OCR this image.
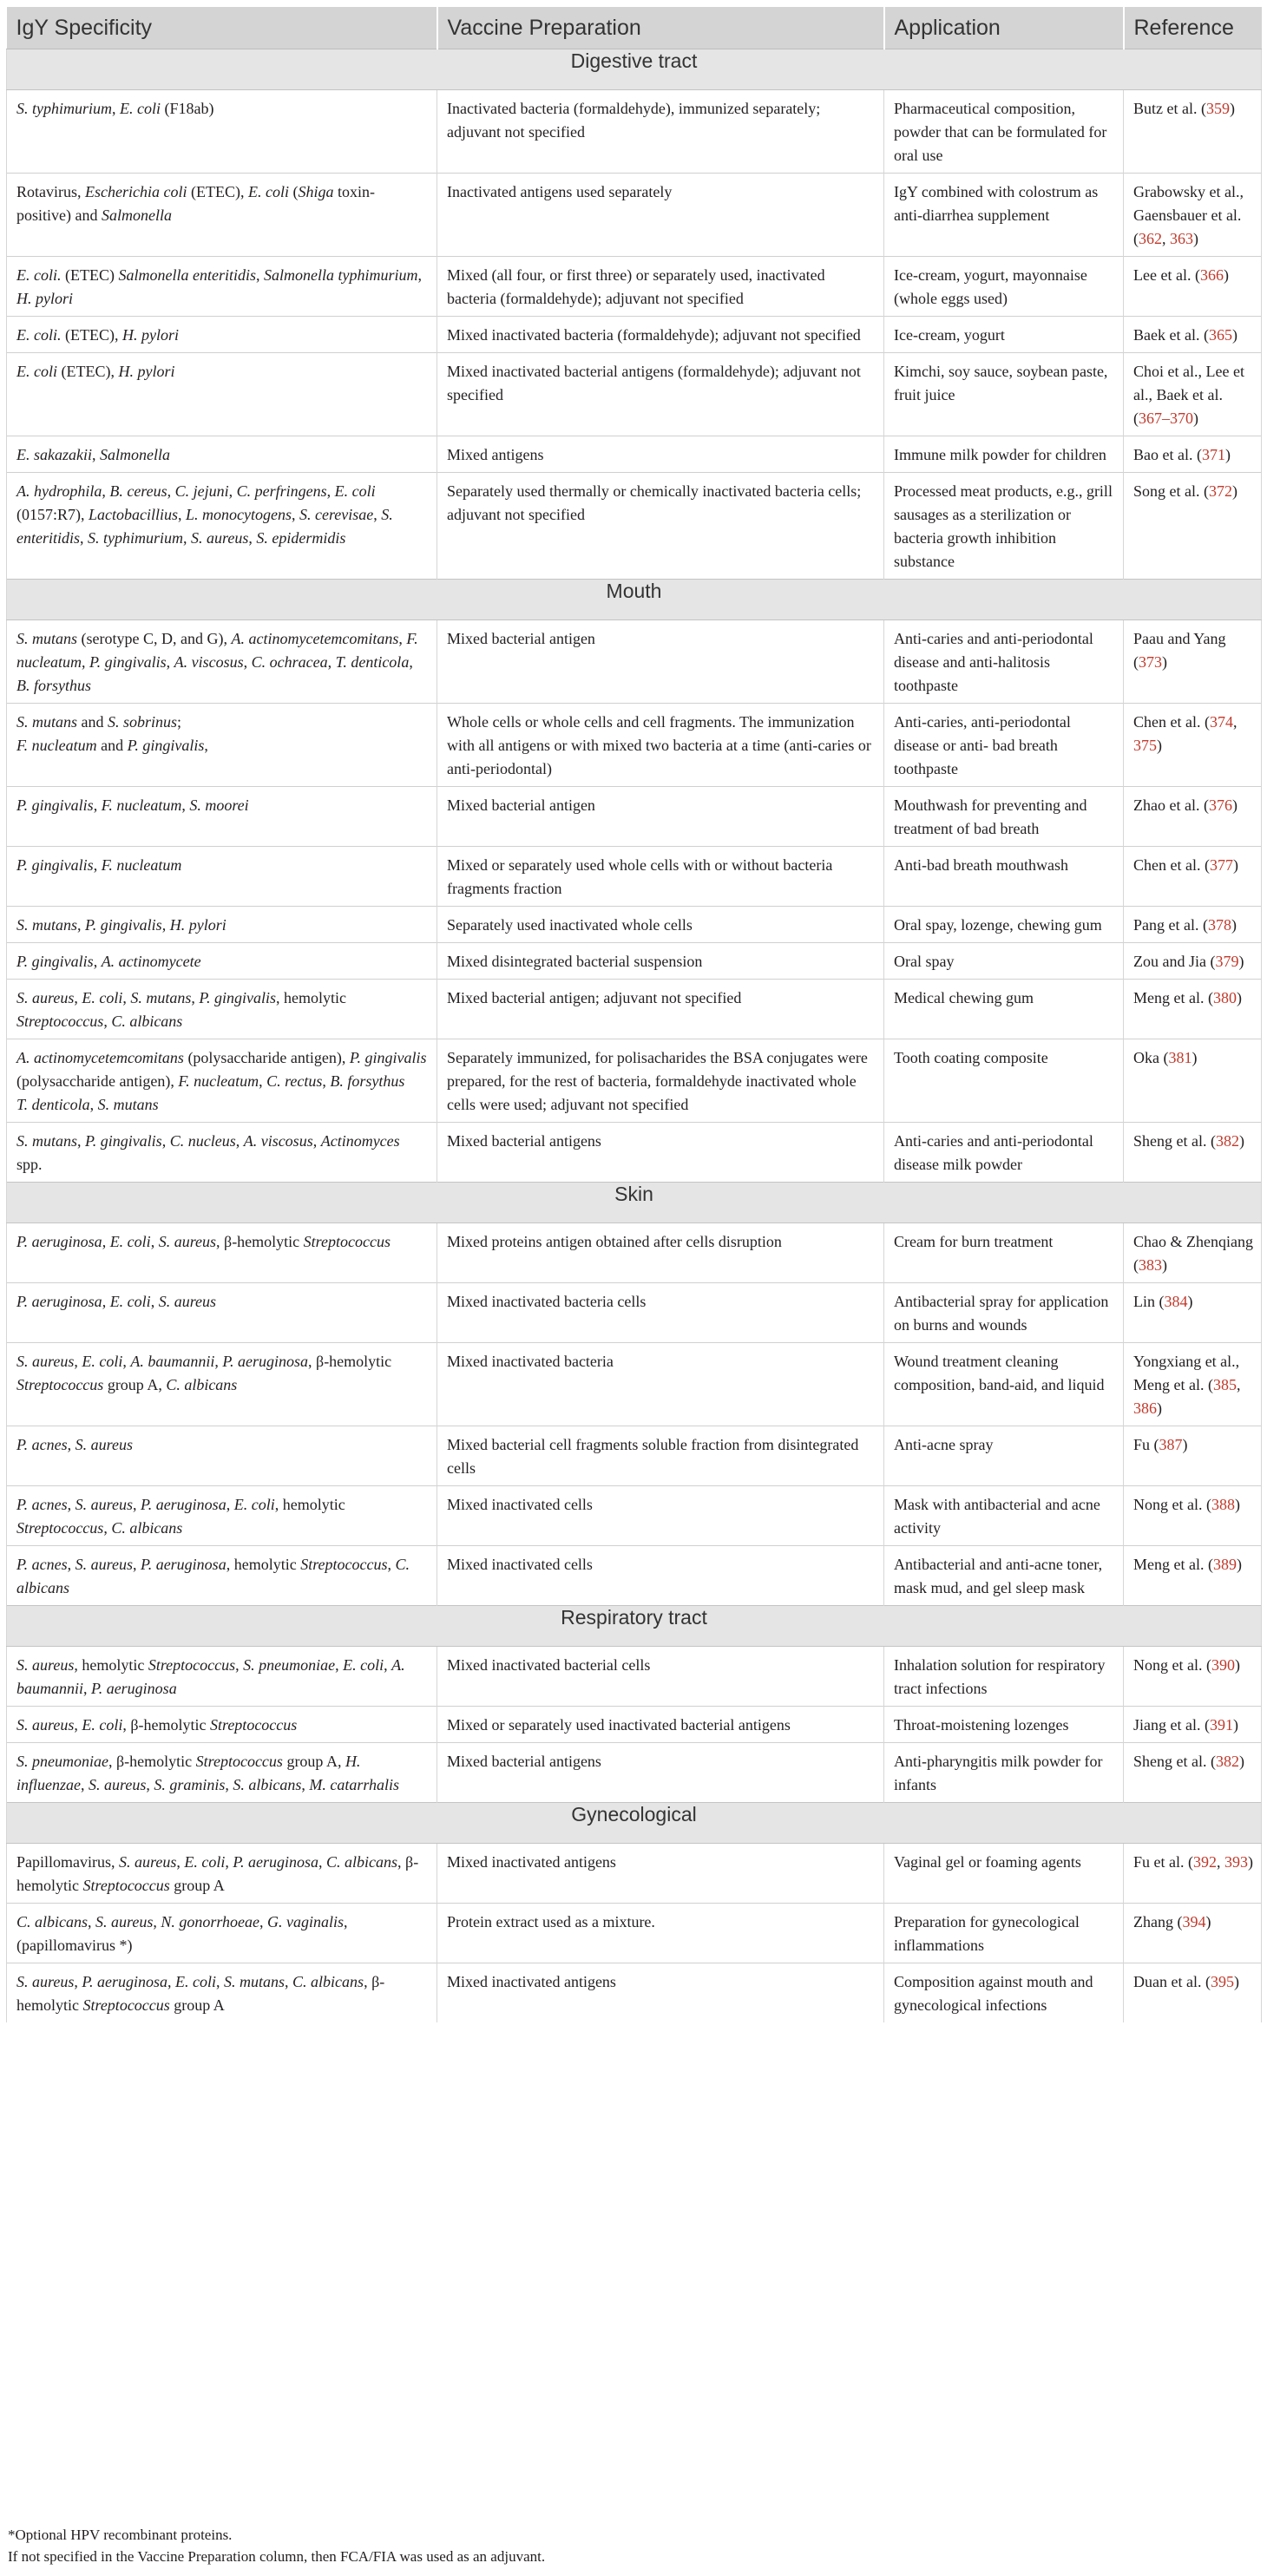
IgY Specificity	Vaccine Preparation	Application	Reference
Digestive tract			
S. typhimurium, E. coli (F18ab)	Inactivated bacteria (formaldehyde), immunized separately; adjuvant not specified	Pharmaceutical composition, powder that can be formulated for oral use	Butz et al. (359)
Rotavirus, Escherichia coli (ETEC), E. coli (Shiga toxin-positive) and Salmonella	Inactivated antigens used separately	IgY combined with colostrum as anti-diarrhea supplement	Grabowsky et al., Gaensbauer et al. (362, 363)
E. coli. (ETEC) Salmonella enteritidis, Salmonella typhimurium,
H. pylori	Mixed (all four, or first three) or separately used, inactivated bacteria (formaldehyde); adjuvant not specified	Ice-cream, yogurt, mayonnaise (whole eggs used)	Lee et al. (366)
E. coli. (ETEC), H. pylori	Mixed inactivated bacteria (formaldehyde); adjuvant not specified	Ice-cream, yogurt	Baek et al. (365)
E. coli (ETEC), H. pylori	Mixed inactivated bacterial antigens (formaldehyde); adjuvant not specified	Kimchi, soy sauce, soybean paste, fruit juice	Choi et al., Lee et al., Baek et al. (367–370)
E. sakazakii, Salmonella	Mixed antigens	Immune milk powder for children	Bao et al. (371)
A. hydrophila, B. cereus, C. jejuni, C. perfringens, E. coli (0157:R7), Lactobacillius, L. monocytogens, S. cerevisae, S. enteritidis, S. typhimurium, S. aureus, S. epidermidis	Separately used thermally or chemically inactivated bacteria cells; adjuvant not specified	Processed meat products, e.g., grill sausages as a sterilization or bacteria growth inhibition substance	Song et al. (372)
Mouth			
S. mutans (serotype C, D, and G), A. actinomycetemcomitans, F. nucleatum, P. gingivalis, A. viscosus, C. ochracea, T. denticola, B. forsythus	Mixed bacterial antigen	Anti-caries and anti-periodontal disease and anti-halitosis toothpaste	Paau and Yang (373)
S. mutans and S. sobrinus;
F. nucleatum and P. gingivalis,	Whole cells or whole cells and cell fragments. The immunization with all antigens or with mixed two bacteria at a time (anti-caries or anti-periodontal)	Anti-caries, anti-periodontal disease or anti- bad breath toothpaste	Chen et al. (374, 375)
P. gingivalis, F. nucleatum, S. moorei	Mixed bacterial antigen	Mouthwash for preventing and treatment of bad breath	Zhao et al. (376)
P. gingivalis, F. nucleatum	Mixed or separately used whole cells with or without bacteria fragments fraction	Anti-bad breath mouthwash	Chen et al. (377)
S. mutans, P. gingivalis, H. pylori	Separately used inactivated whole cells	Oral spay, lozenge, chewing gum	Pang et al. (378)
P. gingivalis, A. actinomycete	Mixed disintegrated bacterial suspension	Oral spay	Zou and Jia (379)
S. aureus, E. coli, S. mutans, P. gingivalis, hemolytic Streptococcus, C. albicans	Mixed bacterial antigen; adjuvant not specified	Medical chewing gum	Meng et al. (380)
A. actinomycetemcomitans (polysaccharide antigen), P. gingivalis (polysaccharide antigen), F. nucleatum, C. rectus, B. forsythus
T. denticola, S. mutans	Separately immunized, for polisacharides the BSA conjugates were prepared, for the rest of bacteria, formaldehyde inactivated whole cells were used; adjuvant not specified	Tooth coating composite	Oka (381)
S. mutans, P. gingivalis, C. nucleus, A. viscosus, Actinomyces spp.	Mixed bacterial antigens	Anti-caries and anti-periodontal disease milk powder	Sheng et al. (382)
Skin			
P. aeruginosa, E. coli, S. aureus, β-hemolytic Streptococcus	Mixed proteins antigen obtained after cells disruption	Cream for burn treatment	Chao & Zhenqiang (383)
P. aeruginosa, E. coli, S. aureus	Mixed inactivated bacteria cells	Antibacterial spray for application on burns and wounds	Lin (384)
S. aureus, E. coli, A. baumannii, P. aeruginosa, β-hemolytic Streptococcus group A, C. albicans	Mixed inactivated bacteria	Wound treatment cleaning composition, band-aid, and liquid	Yongxiang et al., Meng et al. (385, 386)
P. acnes, S. aureus	Mixed bacterial cell fragments soluble fraction from disintegrated cells	Anti-acne spray	Fu (387)
P. acnes, S. aureus, P. aeruginosa, E. coli, hemolytic Streptococcus, C. albicans	Mixed inactivated cells	Mask with antibacterial and acne activity	Nong et al. (388)
P. acnes, S. aureus, P. aeruginosa, hemolytic Streptococcus, C. albicans	Mixed inactivated cells	Antibacterial and anti-acne toner, mask mud, and gel sleep mask	Meng et al. (389)
Respiratory tract			
S. aureus, hemolytic Streptococcus, S. pneumoniae, E. coli, A. baumannii, P. aeruginosa	Mixed inactivated bacterial cells	Inhalation solution for respiratory tract infections	Nong et al. (390)
S. aureus, E. coli, β-hemolytic Streptococcus	Mixed or separately used inactivated bacterial antigens	Throat-moistening lozenges	Jiang et al. (391)
S. pneumoniae, β-hemolytic Streptococcus group A, H. influenzae, S. aureus, S. graminis, S. albicans, M. catarrhalis	Mixed bacterial antigens	Anti-pharyngitis milk powder for infants	Sheng et al. (382)
Gynecological			
Papillomavirus, S. aureus, E. coli, P. aeruginosa, C. albicans, β-hemolytic Streptococcus group A	Mixed inactivated antigens	Vaginal gel or foaming agents	Fu et al. (392, 393)
C. albicans, S. aureus, N. gonorrhoeae, G. vaginalis, (papillomavirus *)	Protein extract used as a mixture.	Preparation for gynecological inflammations	Zhang (394)
S. aureus, P. aeruginosa, E. coli, S. mutans, C. albicans, β-hemolytic Streptococcus group A	Mixed inactivated antigens	Composition against mouth and gynecological infections	Duan et al. (395)
*Optional HPV recombinant proteins.
If not specified in the Vaccine Preparation column, then FCA/FIA was used as an adjuvant.
